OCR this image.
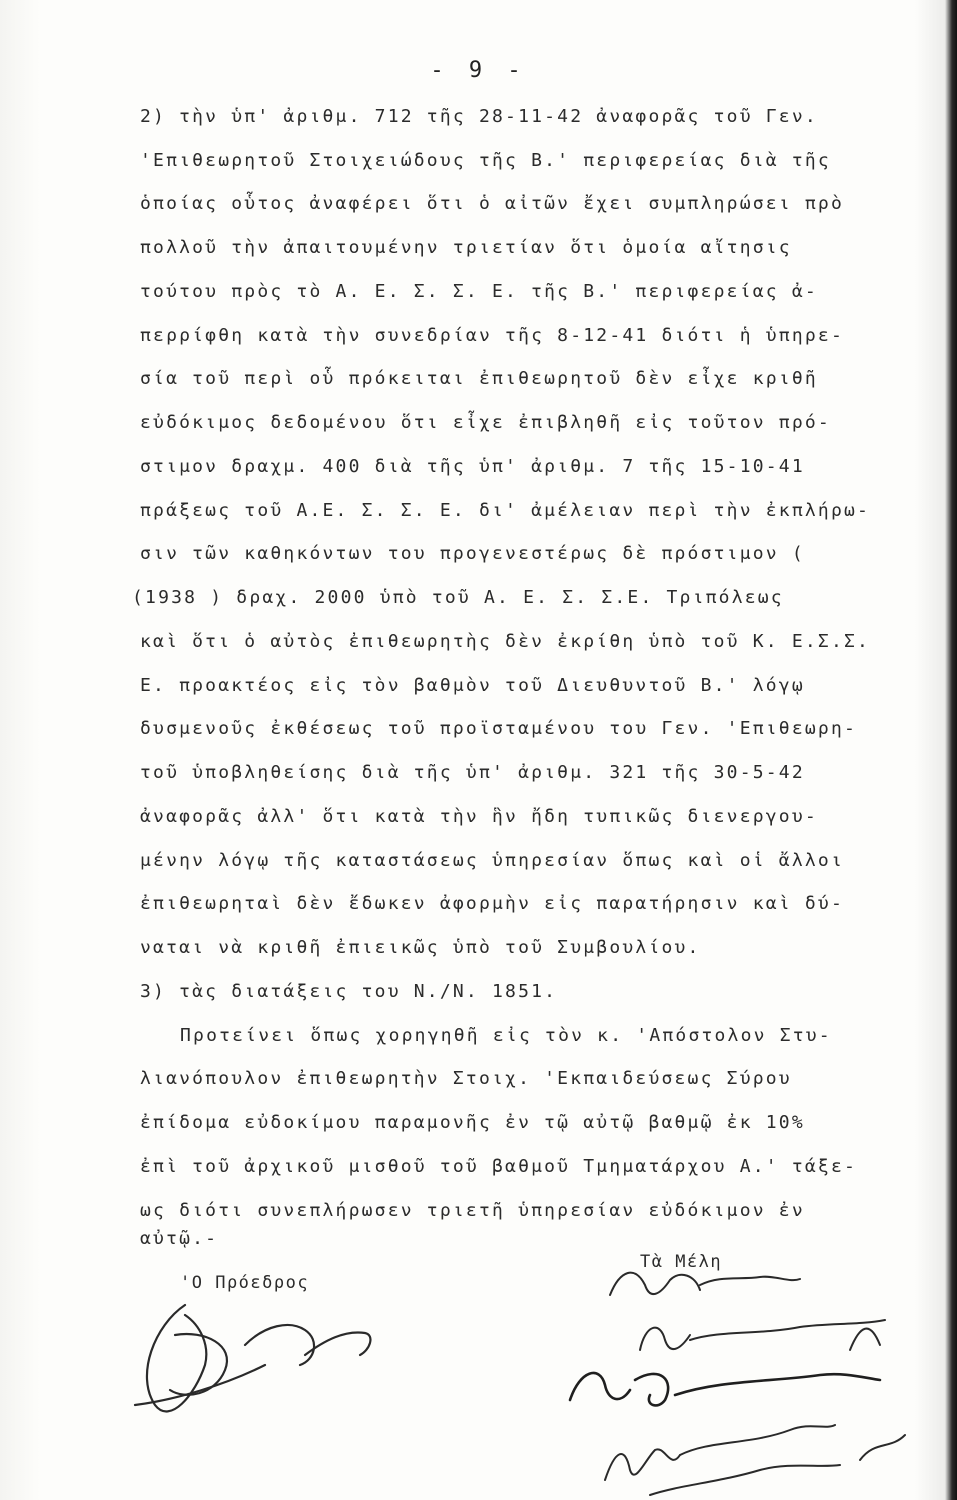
- 9 -
2) τὴν ὑπ' ἀριθμ. 712 τῆς 28-11-42 ἀναφορᾶς τοῦ Γεν.
'Επιθεωρητοῦ Στοιχειώδους τῆς Β.' περιφερείας διὰ τῆς
ὁποίας οὗτος ἀναφέρει ὅτι ὁ αἰτῶν ἔχει συμπληρώσει πρὸ
πολλοῦ τὴν ἀπαιτουμένην τριετίαν ὅτι ὁμοία αἴτησις
τούτου πρὸς τὸ Α. Ε. Σ. Σ. Ε. τῆς Β.' περιφερείας ἀ-
περρίφθη κατὰ τὴν συνεδρίαν τῆς 8-12-41 διότι ἡ ὑπηρε-
σία τοῦ περὶ οὗ πρόκειται ἐπιθεωρητοῦ δὲν εἶχε κριθῆ
εὐδόκιμος δεδομένου ὅτι εἶχε ἐπιβληθῆ εἰς τοῦτον πρό-
στιμον δραχμ. 400 διὰ τῆς ὑπ' ἀριθμ. 7 τῆς 15-10-41
πράξεως τοῦ Α.Ε. Σ. Σ. Ε. δι' ἀμέλειαν περὶ τὴν ἐκπλήρω-
σιν τῶν καθηκόντων του προγενεστέρως δὲ πρόστιμον (
(1938 ) δραχ. 2000 ὑπὸ τοῦ Α. Ε. Σ. Σ.Ε. Τριπόλεως
καὶ ὅτι ὁ αὐτὸς ἐπιθεωρητὴς δὲν ἐκρίθη ὑπὸ τοῦ Κ. Ε.Σ.Σ.
Ε. προακτέος εἰς τὸν βαθμὸν τοῦ Διευθυντοῦ Β.' λόγῳ
δυσμενοῦς ἐκθέσεως τοῦ προϊσταμένου του Γεν. 'Επιθεωρη-
τοῦ ὑποβληθείσης διὰ τῆς ὑπ' ἀριθμ. 321 τῆς 30-5-42
ἀναφορᾶς ἀλλ' ὅτι κατὰ τὴν ἣν ἤδη τυπικῶς διενεργου-
μένην λόγῳ τῆς καταστάσεως ὑπηρεσίαν ὅπως καὶ οἱ ἄλλοι
ἐπιθεωρηταὶ δὲν ἔδωκεν ἀφορμὴν εἰς παρατήρησιν καὶ δύ-
ναται νὰ κριθῆ ἐπιεικῶς ὑπὸ τοῦ Συμβουλίου.
3) τὰς διατάξεις του Ν./Ν. 1851.
Προτείνει ὅπως χορηγηθῆ εἰς τὸν κ. 'Απόστολον Στυ-
λιανόπουλον ἐπιθεωρητὴν Στοιχ. 'Εκπαιδεύσεως Σύρου
ἐπίδομα εὐδοκίμου παραμονῆς ἐν τῷ αὐτῷ βαθμῷ ἐκ 10%
ἐπὶ τοῦ ἀρχικοῦ μισθοῦ τοῦ βαθμοῦ Τμηματάρχου Α.' τάξε-
ως διότι συνεπλήρωσεν τριετῆ ὑπηρεσίαν εὐδόκιμον ἐν
αὐτῷ.-
'Ο Πρόεδρος
Τὰ Μέλη
